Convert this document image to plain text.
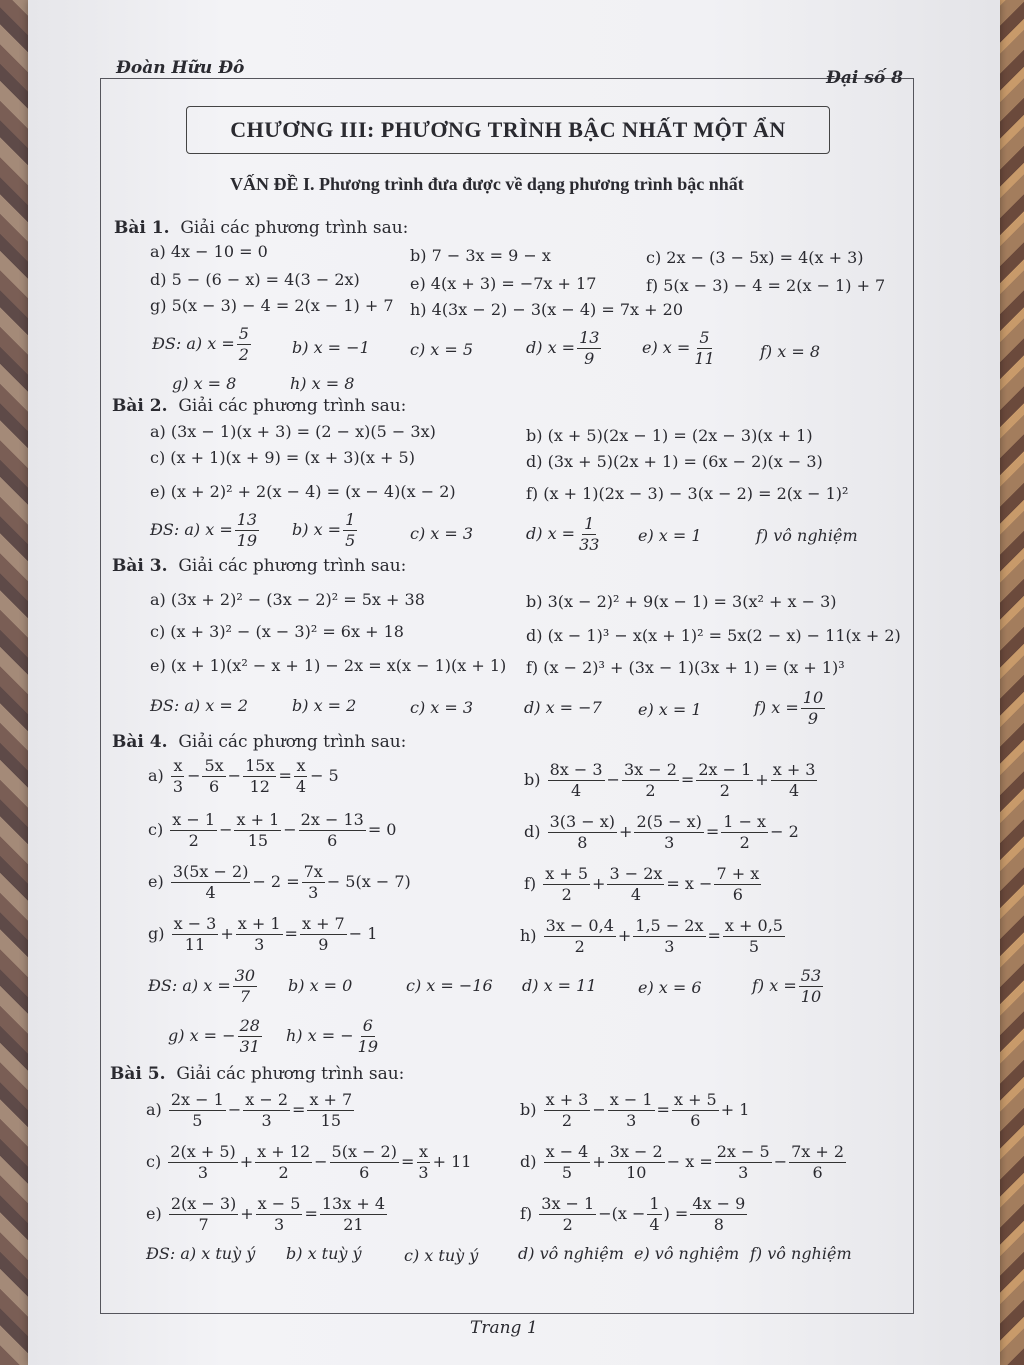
Đoàn Hữu Đô	Đại số 8
CHƯƠNG III: PHƯƠNG TRÌNH BẬC NHẤT MỘT ẨN
VẤN ĐỀ I. Phương trình đưa được về dạng phương trình bậc nhất
Bài 1. Giải các phương trình sau:
a) 4x − 10 = 0	b) 7 − 3x = 9 − x	c) 2x − (3 − 5x) = 4(x + 3)
d) 5 − (6 − x) = 4(3 − 2x)	e) 4(x + 3) = −7x + 17	f) 5(x − 3) − 4 = 2(x − 1) + 7
g) 5(x − 3) − 4 = 2(x − 1) + 7 h) 4(3x − 2) − 3(x − 4) = 7x + 20
ĐS: a) $x = \frac{5}{2}$	b) x = −1	c) x = 5	d) $x = \frac{13}{9}$	e) $x = \frac{5}{11}$	f) x = 8
g) x = 8	h) x = 8
Bài 2. Giải các phương trình sau:
a) (3x − 1)(x + 3) = (2 − x)(5 − 3x)	b) (x + 5)(2x − 1) = (2x − 3)(x + 1)
c) (x + 1)(x + 9) = (x + 3)(x + 5)	d) (3x + 5)(2x + 1) = (6x − 2)(x − 3)
e) (x + 2)² + 2(x − 4) = (x − 4)(x − 2)	f) (x + 1)(2x − 3) − 3(x − 2) = 2(x − 1)²
ĐS: a) $x = \frac{13}{19} b$) $x = \frac{1}{5}$	c) x = 3	d) $x = \frac{1}{33} e$) x = 1	f) vô nghiệm
Bài 3. Giải các phương trình sau:
a) (3x + 2)² − (3x − 2)² = 5x + 38	b) 3(x − 2)² + 9(x − 1) = 3(x² + x − 3)
c) (x + 3)² − (x − 3)² = 6x + 18	d) (x − 1)³ − x(x + 1)² = 5x(2 − x) − 11(x + 2)
e) (x + 1)(x² − x + 1) − 2x = x(x − 1)(x + 1) f) (x − 2)³ + (3x − 1)(3x + 1) = (x + 1)³
ĐS: a) x = 2	b) x = 2	c) x = 3	d) x = −7 e) x = 1	f) $x = \frac{10}{9}$
Bài 4. Giải các phương trình sau:
$a) \frac{x}{3} - \frac{5x}{6} - \frac{15x}{12} = \frac{x}{4} - 5$	$b) \frac{8x - 3}{4} - \frac{3x - 2}{2} = \frac{2x - 1}{2} + \frac{x + 3}{4}$
$c) \frac{x - 1}{2} - \frac{x + 1}{15} - \frac{2x - 13}{6} = 0$	$d) \frac{3(3 - x)}{8} + \frac{2(5 - x)}{3} = \frac{1 - x}{2} - 2$
$e) \frac{3(5x - 2)}{4} - 2 = \frac{7x}{3} - 5(x - 7)$	$f) \frac{x + 5}{2} + \frac{3 - 2x}{4} = x - \frac{7 + x}{6}$
$g) \frac{x - 3}{11} + \frac{x + 1}{3} = \frac{x + 7}{9} - 1$	$h) \frac{3x - 0,4}{2} + \frac{1,5 - 2x}{3} = \frac{x + 0,5}{5}$
ĐS: a) $x = \frac{30}{7} b$) x = 0	c) x = −16 d) x = 11	e) x = 6	f) $x = \frac{53}{10}$
g) x = − $\frac{28}{31} h$) x = − $\frac{6}{19}$
Bài 5. Giải các phương trình sau:
$a) \frac{2x - 1}{5} - \frac{x - 2}{3} = \frac{x + 7}{15}$	$b) \frac{x + 3}{2} - \frac{x - 1}{3} = \frac{x + 5}{6} + 1$
$c) \frac{2(x + 5)}{3} + \frac{x + 12}{2} - \frac{5(x - 2)}{6} = \frac{x}{3} + 11$	$d) \frac{x - 4}{5} + \frac{3x - 2}{10} - x = \frac{2x - 5}{3} - \frac{7x + 2}{6}$
$e) \frac{2(x - 3)}{7} + \frac{x - 5}{3} = \frac{13x + 4}{21}$	$f) \frac{3x - 1}{2} -(x - \frac{1}{4}$ ) = $\frac{4x - 9}{8}$
ĐS: a) x tuỳ ý b) x tuỳ ý	c) x tuỳ ý d) vô nghiệm e) vô nghiệm f) vô nghiệm
Trang 1
